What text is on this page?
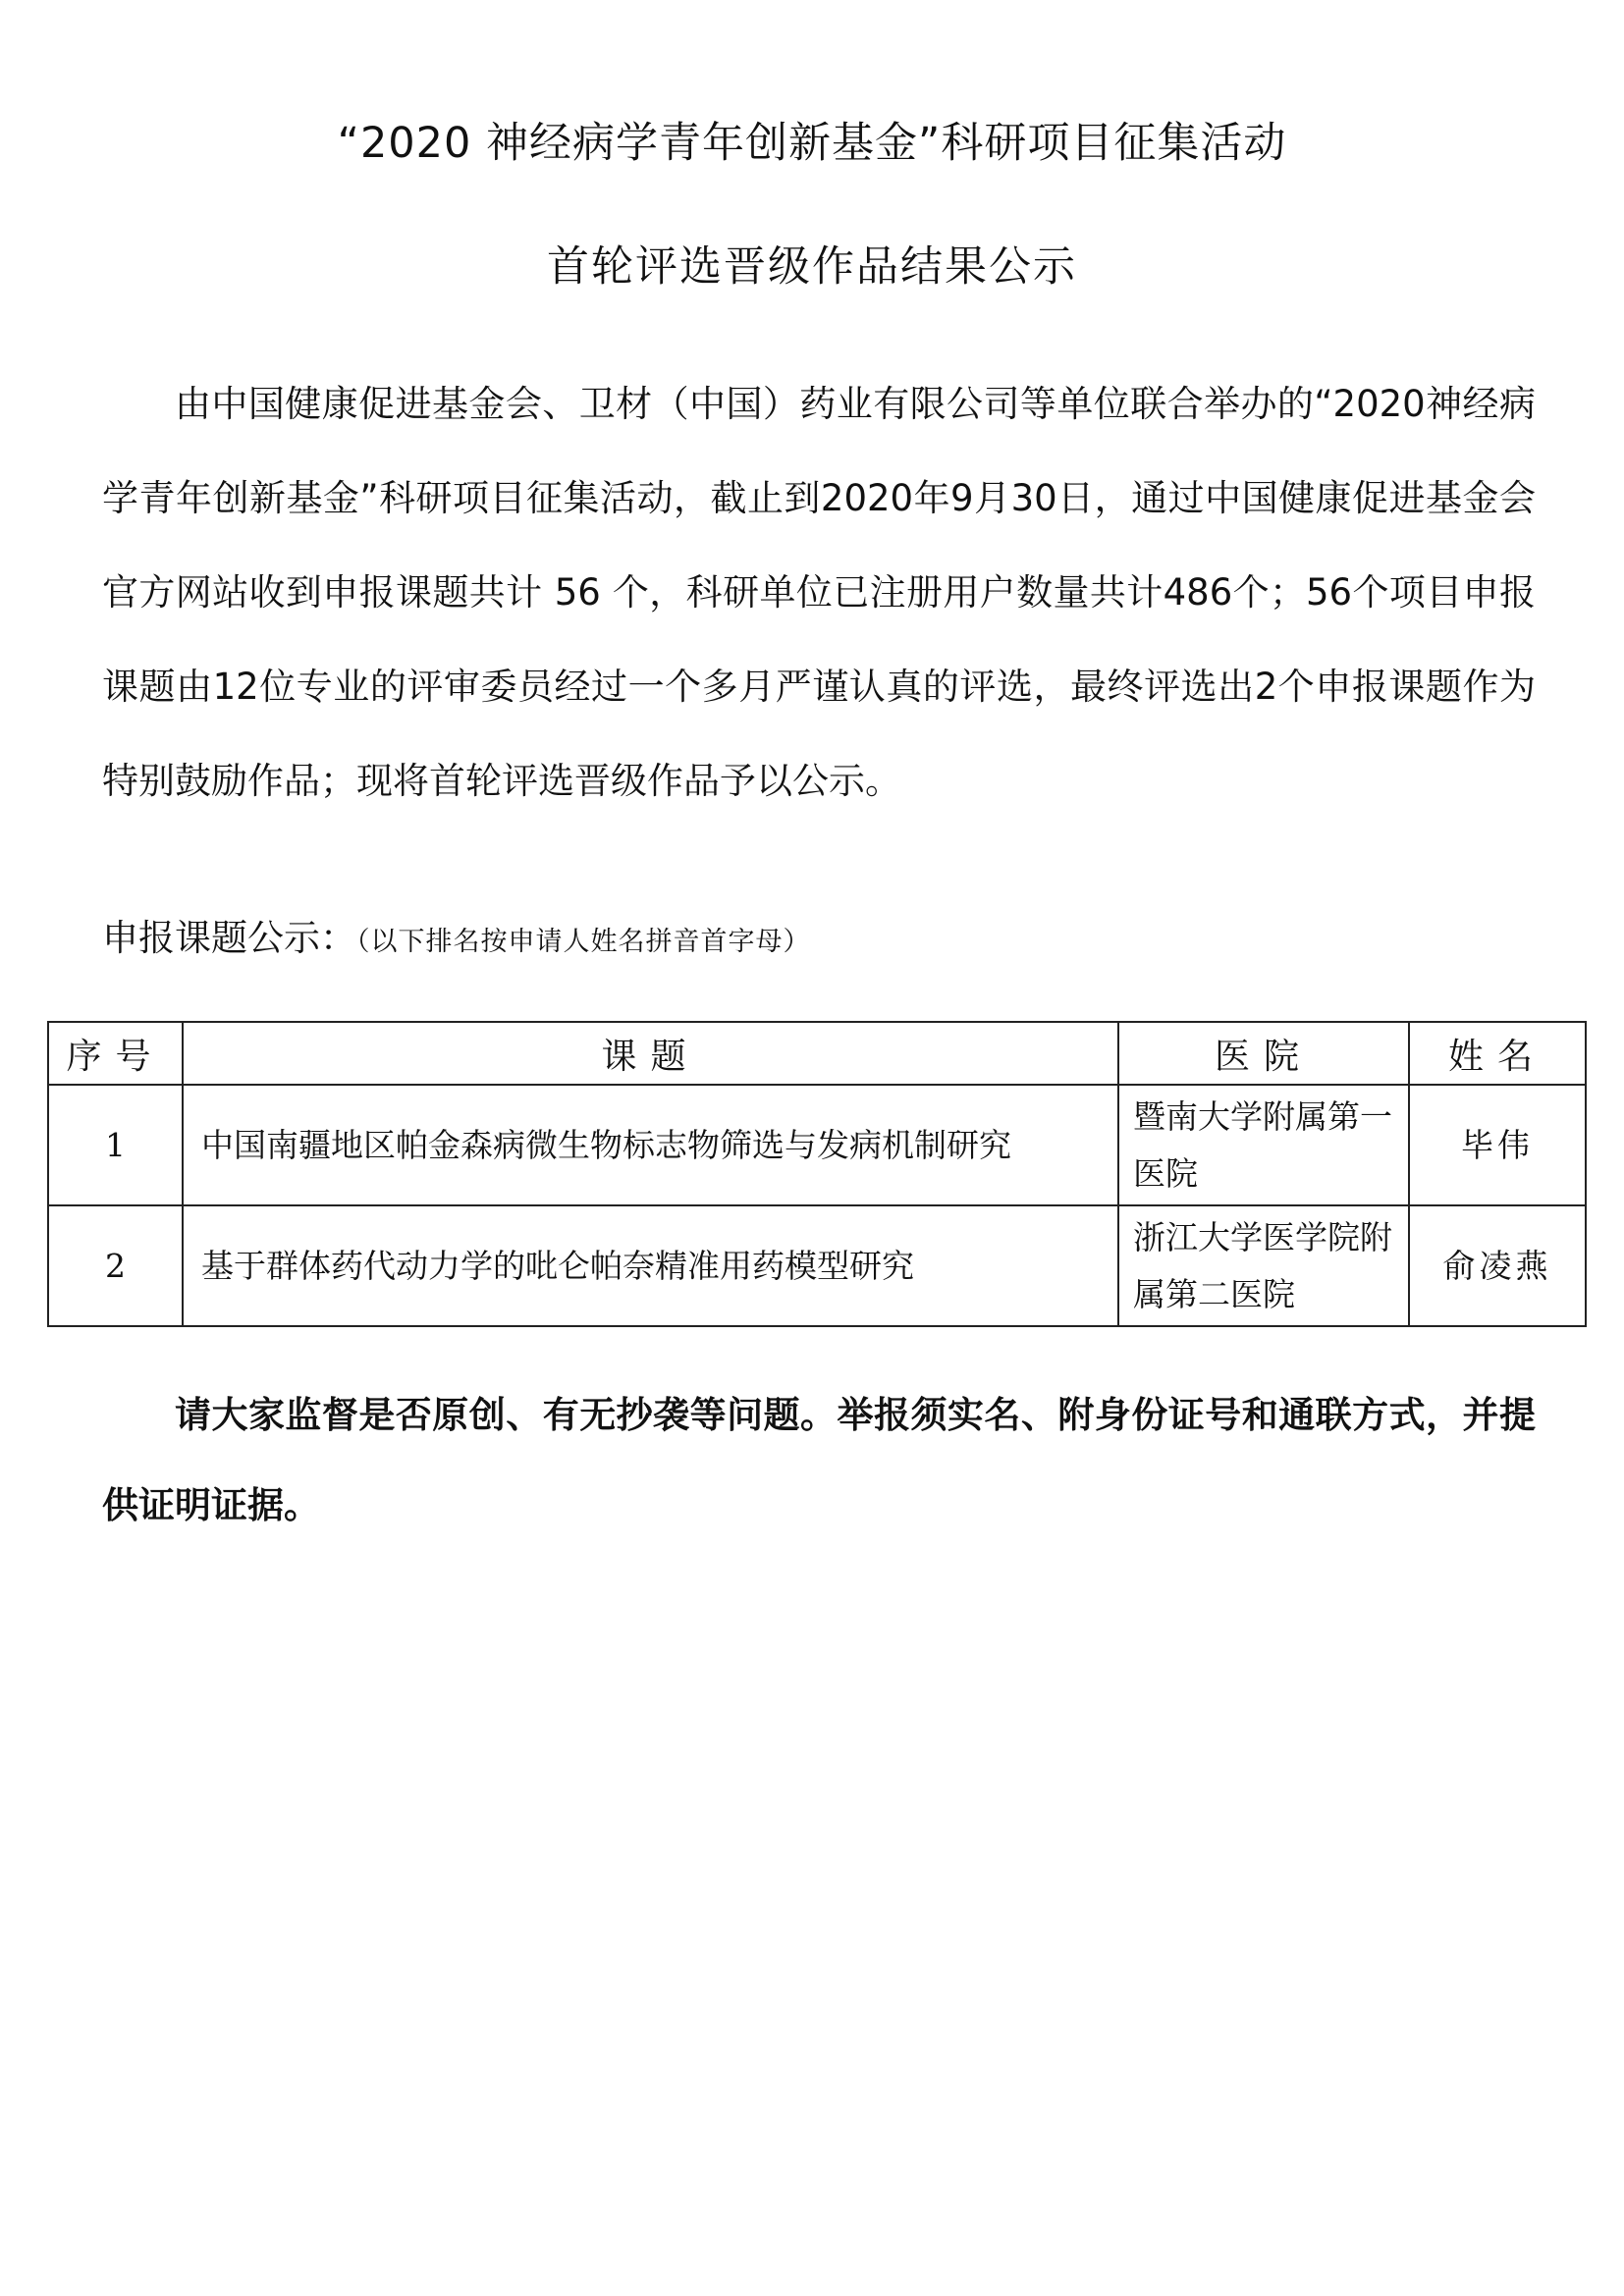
“2020 神经病学青年创新基金”科研项目征集活动
首轮评选晋级作品结果公示

由中国健康促进基金会、卫材（中国）药业有限公司等单位联合举办的“2020神经病学青年创新基金”科研项目征集活动，截止到2020年9月30日，通过中国健康促进基金会官方网站收到申报课题共计 56 个，科研单位已注册用户数量共计486个；56个项目申报课题由12位专业的评审委员经过一个多月严谨认真的评选，最终评选出2个申报课题作为特别鼓励作品；现将首轮评选晋级作品予以公示。

申报课题公示：（以下排名按申请人姓名拼音首字母）
序号	课题	医院	姓名
1	中国南疆地区帕金森病微生物标志物筛选与发病机制研究	暨南大学附属第一医院	毕伟
2	基于群体药代动力学的吡仑帕奈精准用药模型研究	浙江大学医学院附属第二医院	俞凌燕

请大家监督是否原创、有无抄袭等问题。举报须实名、附身份证号和通联方式，并提供证明证据。
